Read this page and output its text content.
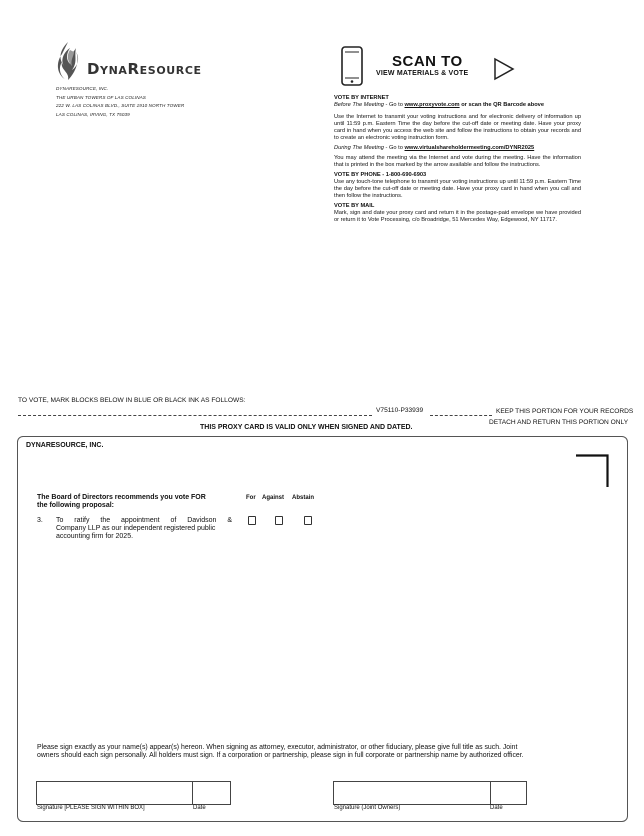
DynaResource
DYNARESOURCE, INC.
THE URBAN TOWERS OF LAS COLINAS
222 W. LAS COLINAS BLVD., SUITE 1910 NORTH TOWER
LAS COLINAS, IRVING, TX 75039
SCAN TO
VIEW MATERIALS & VOTE
VOTE BY INTERNET

Before The Meeting - Go to www.proxyvote.com or scan the QR Barcode above

Use the Internet to transmit your voting instructions and for electronic delivery of information up until 11:59 p.m. Eastern Time the day before the cut-off date or meeting date. Have your proxy card in hand when you access the web site and follow the instructions to obtain your records and to create an electronic voting instruction form.

During The Meeting - Go to www.virtualshareholdermeeting.com/DYNR2025

You may attend the meeting via the Internet and vote during the meeting. Have the information that is printed in the box marked by the arrow available and follow the instructions.

VOTE BY PHONE - 1-800-690-6903

Use any touch-tone telephone to transmit your voting instructions up until 11:59 p.m. Eastern Time the day before the cut-off date or meeting date. Have your proxy card in hand when you call and then follow the instructions.

VOTE BY MAIL

Mark, sign and date your proxy card and return it in the postage-paid envelope we have provided or return it to Vote Processing, c/o Broadridge, 51 Mercedes Way, Edgewood, NY 11717.

TO VOTE, MARK BLOCKS BELOW IN BLUE OR BLACK INK AS FOLLOWS:
V75110-P33939	KEEP THIS PORTION FOR YOUR RECORDS
DETACH AND RETURN THIS PORTION ONLY
THIS PROXY CARD IS VALID ONLY WHEN SIGNED AND DATED.
DYNARESOURCE, INC.
The Board of Directors recommends you vote FOR
the following proposal:
For Against Abstain
3. To ratify the appointment of Davidson &
Company LLP as our independent registered public
accounting firm for 2025.
Please sign exactly as your name(s) appear(s) hereon. When signing as attorney, executor, administrator, or other fiduciary, please give full title as such. Joint owners should each sign personally. All holders must sign. If a corporation or partnership, please sign in full corporate or partnership name by authorized officer.
Signature [PLEASE SIGN WITHIN BOX]	Date	Signature (Joint Owners)	Date
